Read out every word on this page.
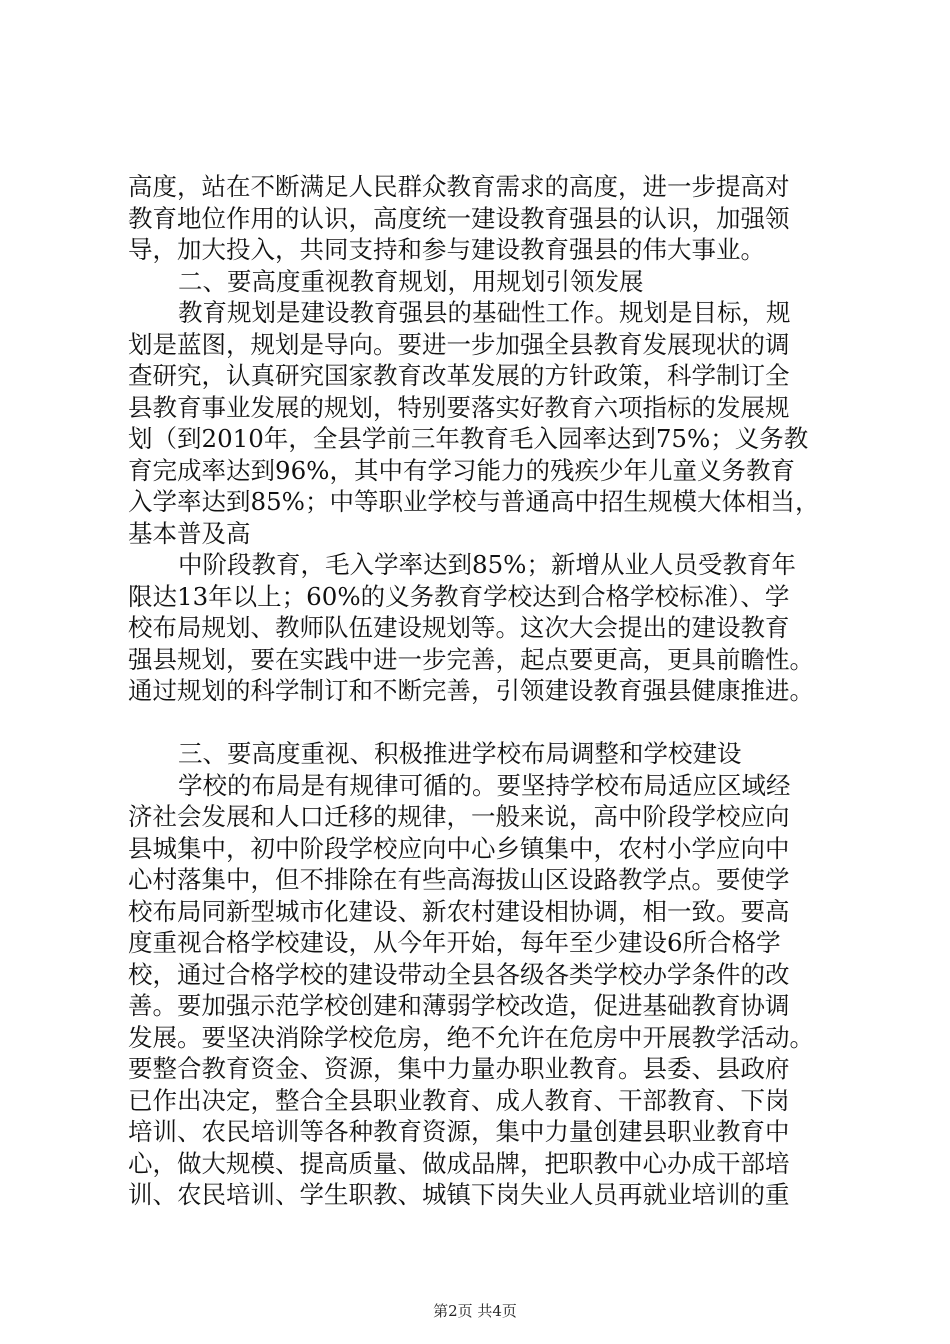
高度，站在不断满足人民群众教育需求的高度，进一步提高对

教育地位作用的认识，高度统一建设教育强县的认识，加强领

导，加大投入，共同支持和参与建设教育强县的伟大事业。

二、要高度重视教育规划，用规划引领发展

教育规划是建设教育强县的基础性工作。规划是目标，规

划是蓝图，规划是导向。要进一步加强全县教育发展现状的调

查研究，认真研究国家教育改革发展的方针政策，科学制订全

县教育事业发展的规划，特别要落实好教育六项指标的发展规

划（到2010年，全县学前三年教育毛入园率达到75%；义务教

育完成率达到96%，其中有学习能力的残疾少年儿童义务教育

入学率达到85%；中等职业学校与普通高中招生规模大体相当，

基本普及高

中阶段教育，毛入学率达到85%；新增从业人员受教育年

限达13年以上；60%的义务教育学校达到合格学校标准）、学

校布局规划、教师队伍建设规划等。这次大会提出的建设教育

强县规划，要在实践中进一步完善，起点要更高，更具前瞻性。

通过规划的科学制订和不断完善，引领建设教育强县健康推进。

三、要高度重视、积极推进学校布局调整和学校建设

学校的布局是有规律可循的。要坚持学校布局适应区域经

济社会发展和人口迁移的规律，一般来说，高中阶段学校应向

县城集中，初中阶段学校应向中心乡镇集中，农村小学应向中

心村落集中，但不排除在有些高海拔山区设路教学点。要使学

校布局同新型城市化建设、新农村建设相协调，相一致。要高

度重视合格学校建设，从今年开始，每年至少建设6所合格学

校，通过合格学校的建设带动全县各级各类学校办学条件的改

善。要加强示范学校创建和薄弱学校改造，促进基础教育协调

发展。要坚决消除学校危房，绝不允许在危房中开展教学活动。

要整合教育资金、资源，集中力量办职业教育。县委、县政府

已作出决定，整合全县职业教育、成人教育、干部教育、下岗

培训、农民培训等各种教育资源，集中力量创建县职业教育中

心，做大规模、提高质量、做成品牌，把职教中心办成干部培

训、农民培训、学生职教、城镇下岗失业人员再就业培训的重

第2页 共4页
